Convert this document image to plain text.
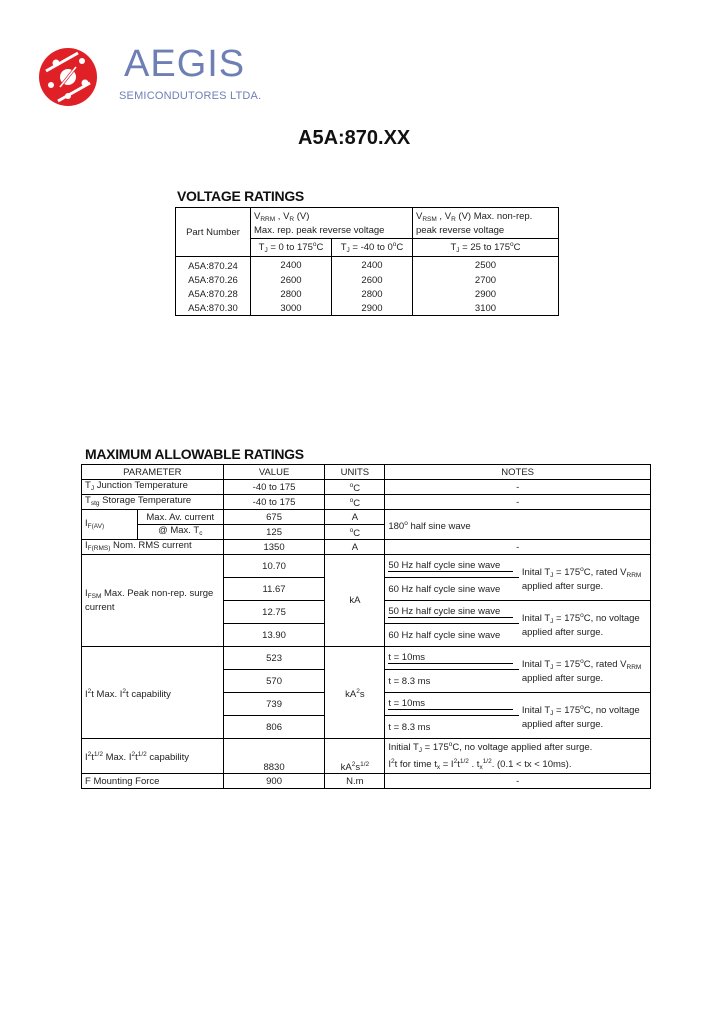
AEGIS
SEMICONDUTORES LTDA.
A5A:870.XX
VOLTAGE RATINGS
Part Number	$V_{RRM}$ , $V_R$ (V)
Max. rep. peak reverse voltage		$V_{RSM}$ , $V_R$ (V) Max. non-rep.
peak reverse voltage
	$T_J = 0$ to 175$^o$C	$T_J = -40$ to 0$^o$C	$T_J = 25$ to 175$^o$C
A5A:870.24	2400	2400	2500
A5A:870.26	2600	2600	2700
A5A:870.28	2800	2800	2900
A5A:870.30	3000	2900	3100
MAXIMUM ALLOWABLE RATINGS
PARAMETER		VALUE	UNITS	NOTES	
$T_J$ Junction Temperature		-40 to 175	$^o$C	-	
$T_{stg}$ Storage Temperature		-40 to 175	$^o$C	-	
$I_{F(AV)}$	Max. Av. current	675	A	180$^o$ half sine wave	
	@ Max. $T_c$	125	$^o$C		
$I_{F(RMS)}$ Nom. RMS current		1350	A	-	
$I_{FSM}$ Max. Peak non-rep. surge current		10.70	kA	50 Hz half cycle sine wave	Inital $T_J = 175^oC$, rated $V_{RRM}$
applied after surge.
		11.67		60 Hz half cycle sine wave	
		12.75		50 Hz half cycle sine wave	Inital $T_J = 175^oC$, no voltage
applied after surge.
		13.90		60 Hz half cycle sine wave	
$I^2t$ Max. $I^2t$ capability		523	$kA^2s$	t = 10ms	Inital $T_J = 175^oC$, rated $V_{RRM}$
applied after surge.
		570		t = 8.3 ms	
		739		t = 10ms	Inital $T_J = 175^oC$, no voltage
applied after surge.
		806		t = 8.3 ms	
$I^2t^{1/2}$ Max. $I^2t^{1/2}$ capability		8830	$kA^2s^{1/2}$	Initial $T_J = 175^oC$, no voltage applied after surge.
$I^2t$ for time $t_x = I^2t^{1/2}$ . $t_x^{1/2}$. (0.1 < tx < 10ms).	
F Mounting Force		900	N.m	-	
